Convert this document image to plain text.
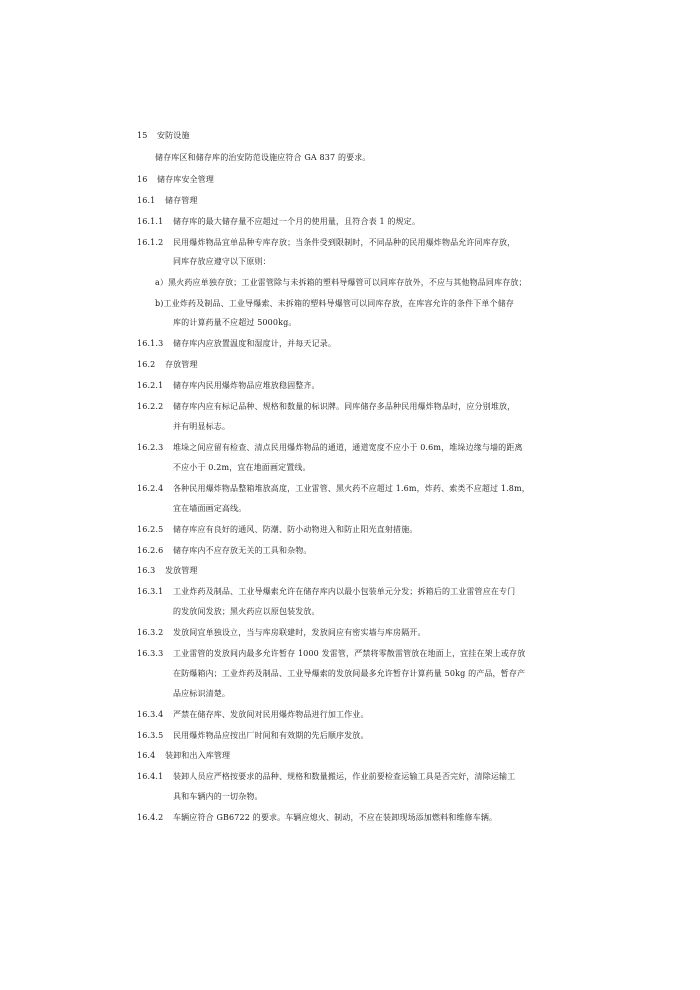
15 安防设施
储存库区和储存库的治安防范设施应符合 GA 837 的要求。
16 储存库安全管理
16.1 储存管理
16.1.1 储存库的最大储存量不应超过一个月的使用量，且符合表 1 的规定。
16.1.2 民用爆炸物品宜单品种专库存放；当条件受到限制时，不同品种的民用爆炸物品允许同库存放，
同库存放应遵守以下原则：
a）黑火药应单独存放；工业雷管除与未拆箱的塑料导爆管可以同库存放外，不应与其他物品同库存放；
b)工业炸药及制品、工业导爆索、未拆箱的塑料导爆管可以同库存放，在库容允许的条件下单个储存
库的计算药量不应超过 5000kg。
16.1.3 储存库内应放置温度和湿度计，并每天记录。
16.2 存放管理
16.2.1 储存库内民用爆炸物品应堆放稳固整齐。
16.2.2 储存库内应有标记品种、规格和数量的标识牌。同库储存多品种民用爆炸物品时，应分别堆放，
并有明显标志。
16.2.3 堆垛之间应留有检查、清点民用爆炸物品的通道，通道宽度不应小于 0.6m，堆垛边缘与墙的距离
不应小于 0.2m，宜在地面画定置线。
16.2.4 各种民用爆炸物品整箱堆放高度，工业雷管、黑火药不应超过 1.6m，炸药、索类不应超过 1.8m，
宜在墙面画定高线。
16.2.5 储存库应有良好的通风、防潮、防小动物进入和防止阳光直射措施。
16.2.6 储存库内不应存放无关的工具和杂物。
16.3 发放管理
16.3.1 工业炸药及制品、工业导爆索允许在储存库内以最小包装单元分发；拆箱后的工业雷管应在专门
的发放间发放；黑火药应以原包装发放。
16.3.2 发放间宜单独设立，当与库房联建时，发放间应有密实墙与库房隔开。
16.3.3 工业雷管的发放间内最多允许暂存 1000 发雷管，严禁将零散雷管放在地面上，宜挂在架上或存放
在防爆箱内；工业炸药及制品、工业导爆索的发放间最多允许暂存计算药量 50kg 的产品，暂存产
品应标识清楚。
16.3.4 严禁在储存库、发放间对民用爆炸物品进行加工作业。
16.3.5 民用爆炸物品应按出厂时间和有效期的先后顺序发放。
16.4 装卸和出入库管理
16.4.1 装卸人员应严格按要求的品种、规格和数量搬运，作业前要检查运输工具是否完好，清除运输工
具和车辆内的一切杂物。
16.4.2 车辆应符合 GB6722 的要求。车辆应熄火、制动，不应在装卸现场添加燃料和维修车辆。
